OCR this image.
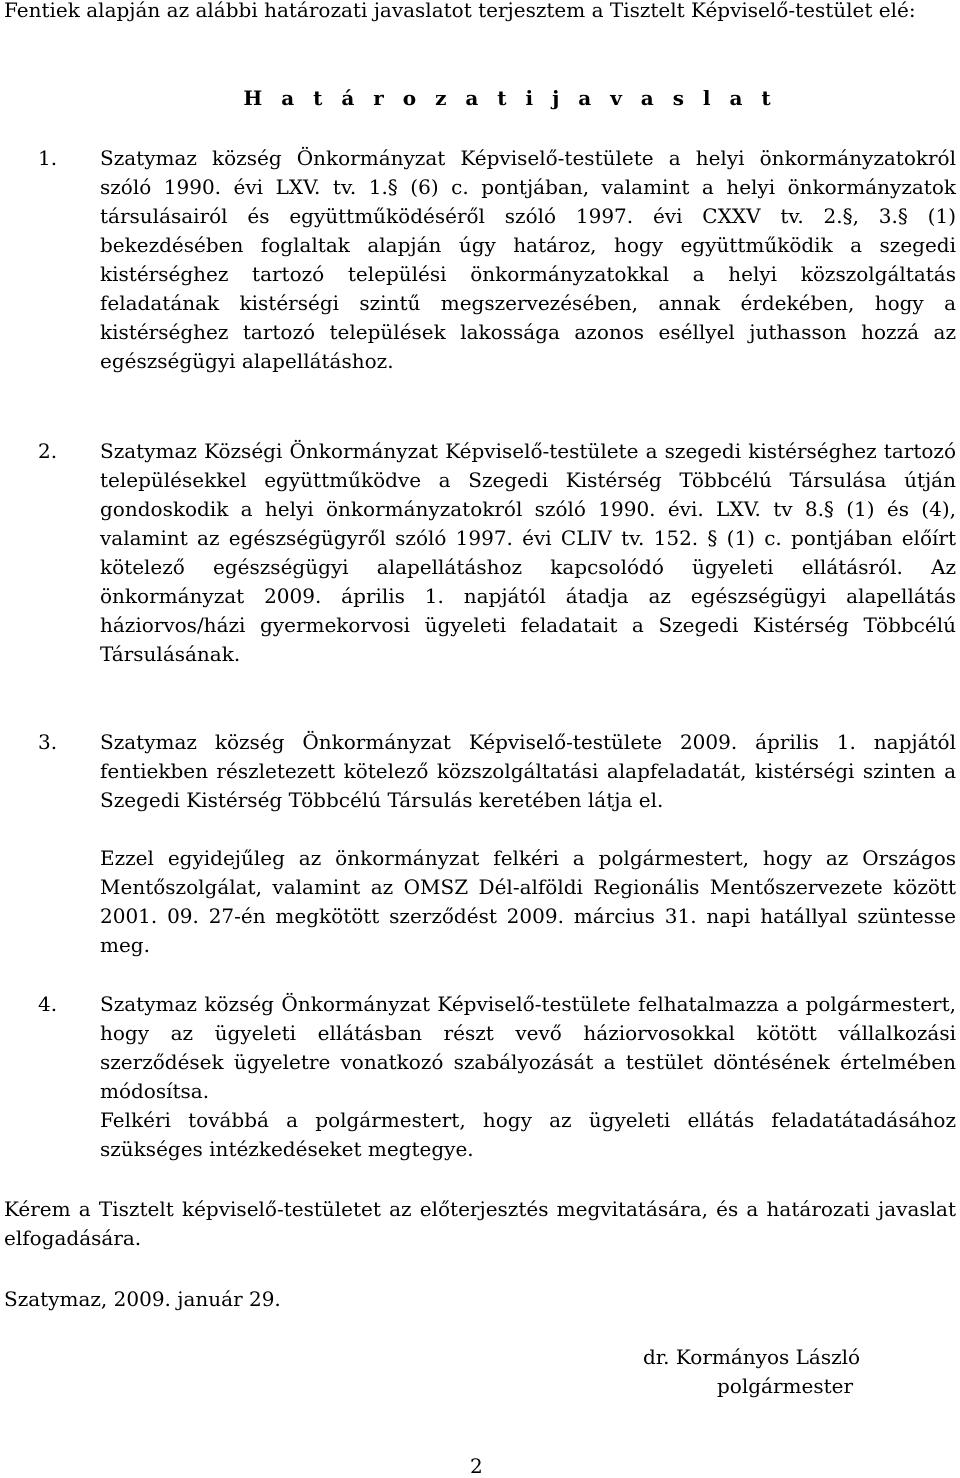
Fentiek alapján az alábbi határozati javaslatot terjesztem a Tisztelt Képviselő-testület elé:

H a t á r o z a t i j a v a s l a t

1. Szatymaz község Önkormányzat Képviselő-testülete a helyi önkormányzatokról szóló 1990. évi LXV. tv. 1.§ (6) c. pontjában, valamint a helyi önkormányzatok társulásairól és együttműködéséről szóló 1997. évi CXXV tv. 2.§, 3.§ (1) bekezdésében foglaltak alapján úgy határoz, hogy együttműködik a szegedi kistérséghez tartozó települési önkormányzatokkal a helyi közszolgáltatás feladatának kistérségi szintű megszervezésében, annak érdekében, hogy a kistérséghez tartozó települések lakossága azonos eséllyel juthasson hozzá az egészségügyi alapellátáshoz.

2. Szatymaz Községi Önkormányzat Képviselő-testülete a szegedi kistérséghez tartozó településekkel együttműködve a Szegedi Kistérség Többcélú Társulása útján gondoskodik a helyi önkormányzatokról szóló 1990. évi. LXV. tv 8.§ (1) és (4), valamint az egészségügyről szóló 1997. évi CLIV tv. 152. § (1) c. pontjában előírt kötelező egészségügyi alapellátáshoz kapcsolódó ügyeleti ellátásról. Az önkormányzat 2009. április 1. napjától átadja az egészségügyi alapellátás háziorvos/házi gyermekorvosi ügyeleti feladatait a Szegedi Kistérség Többcélú Társulásának.

3. Szatymaz község Önkormányzat Képviselő-testülete 2009. április 1. napjától fentiekben részletezett kötelező közszolgáltatási alapfeladatát, kistérségi szinten a Szegedi Kistérség Többcélú Társulás keretében látja el.

Ezzel egyidejűleg az önkormányzat felkéri a polgármestert, hogy az Országos Mentőszolgálat, valamint az OMSZ Dél-alföldi Regionális Mentőszervezete között 2001. 09. 27-én megkötött szerződést 2009. március 31. napi hatállyal szüntesse meg.

4. Szatymaz község Önkormányzat Képviselő-testülete felhatalmazza a polgármestert, hogy az ügyeleti ellátásban részt vevő háziorvosokkal kötött vállalkozási szerződések ügyeletre vonatkozó szabályozását a testület döntésének értelmében módosítsa.

Felkéri továbbá a polgármestert, hogy az ügyeleti ellátás feladatátadásához szükséges intézkedéseket megtegye.

Kérem a Tisztelt képviselő-testületet az előterjesztés megvitatására, és a határozati javaslat elfogadására.

Szatymaz, 2009. január 29.

dr. Kormányos László

polgármester

2
